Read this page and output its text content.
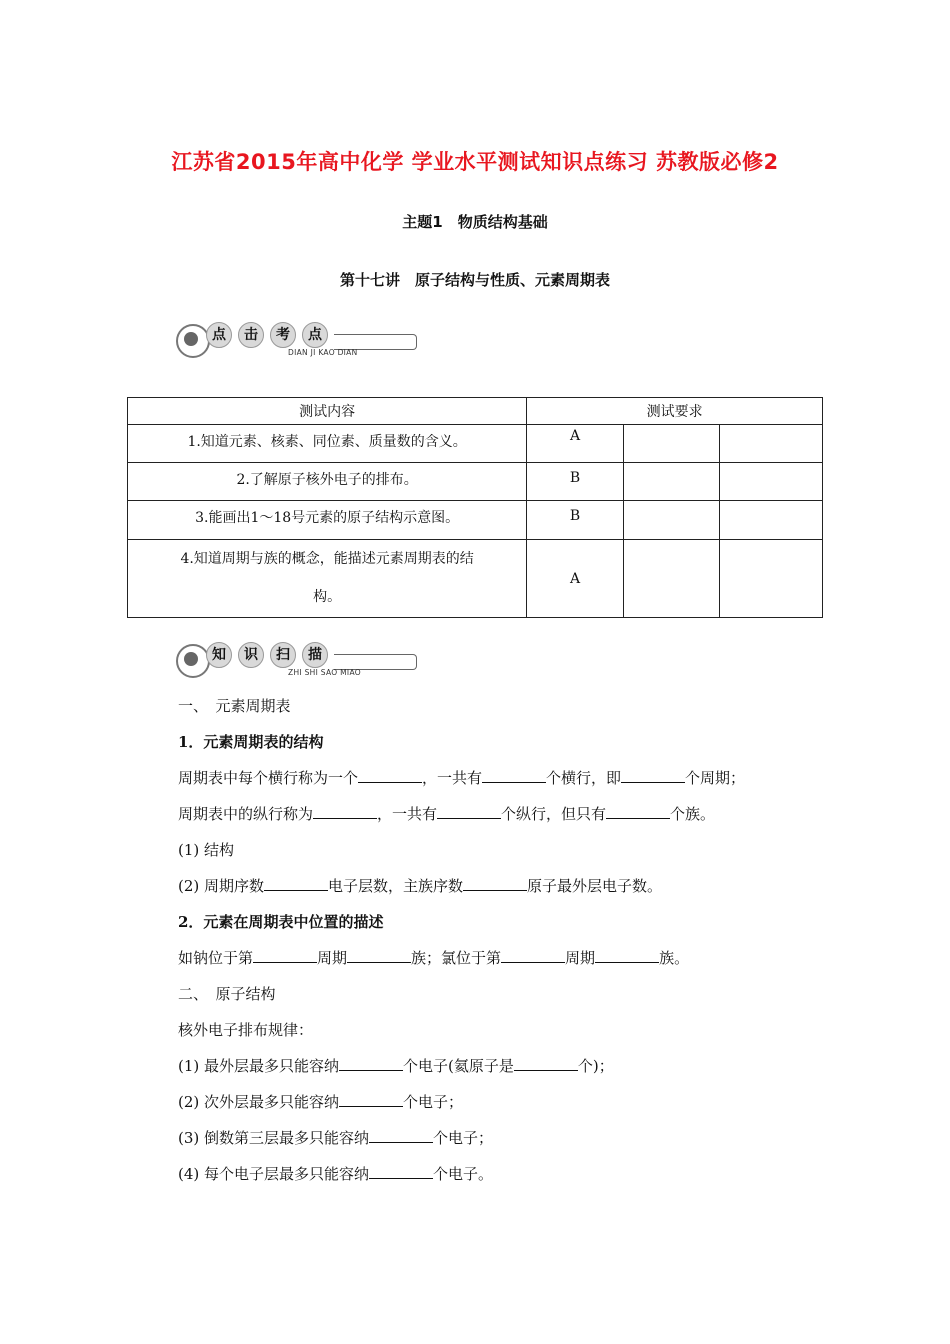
江苏省2015年高中化学 学业水平测试知识点练习 苏教版必修2
主题1　物质结构基础
第十七讲　原子结构与性质、元素周期表
点	击	考	点
DIAN JI KAO DIAN
测试内容	测试要求		
1.知道元素、核素、同位素、质量数的含义。	A		
2.了解原子核外电子的排布。	B		
3.能画出1～18号元素的原子结构示意图。	B		

4.知道周期与族的概念，能描述元素周期表的结
构。	A		
知	识	扫	描
ZHI SHI SAO MIAO
一、　元素周期表
1．元素周期表的结构
周期表中每个横行称为一个	，一共有	个横行，即	个周期；
周期表中的纵行称为	，一共有	个纵行，但只有	个族。
(1) 结构
(2) 周期序数	电子层数，主族序数	原子最外层电子数。
2．元素在周期表中位置的描述
如钠位于第	周期	族；氯位于第	周期	族。
二、　原子结构
核外电子排布规律：
(1) 最外层最多只能容纳	个电子(氦原子是	个)；
(2) 次外层最多只能容纳	个电子；
(3) 倒数第三层最多只能容纳	个电子；
(4) 每个电子层最多只能容纳	个电子。
